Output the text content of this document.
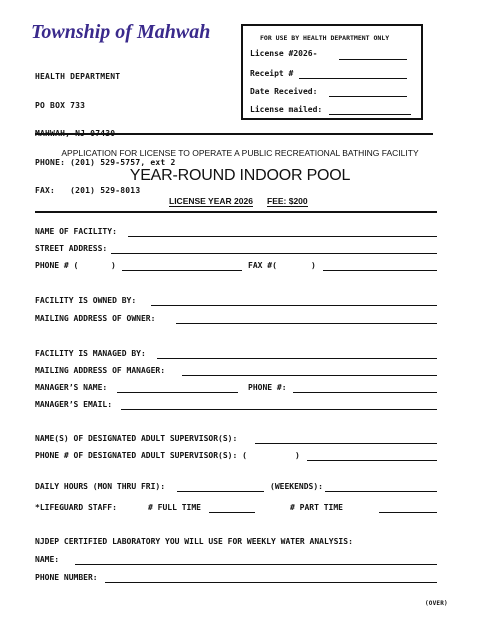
Township of Mahwah

HEALTH DEPARTMENT

PO BOX 733

PHONE: (201) 529-5757, ext 2

FAX:   (201) 529-8013

FOR USE BY HEALTH DEPARTMENT ONLY
License #2026-
Receipt #
Date Received:
License mailed:
APPLICATION FOR LICENSE TO OPERATE A PUBLIC RECREATIONAL BATHING FACILITY
YEAR-ROUND INDOOR POOL
LICENSE YEAR 2026 FEE: $200
NAME OF FACILITY:
STREET ADDRESS:
PHONE # (	)	FAX #(	)
FACILITY IS OWNED BY:
MAILING ADDRESS OF OWNER:
FACILITY IS MANAGED BY:
MAILING ADDRESS OF MANAGER:
MANAGER’S NAME:	PHONE #:
MANAGER’S EMAIL:
NAME(S) OF DESIGNATED ADULT SUPERVISOR(S):
PHONE # OF DESIGNATED ADULT SUPERVISOR(S): (	)
DAILY HOURS (MON THRU FRI):	(WEEKENDS):
*LIFEGUARD STAFF:	# FULL TIME	# PART TIME
NJDEP CERTIFIED LABORATORY YOU WILL USE FOR WEEKLY WATER ANALYSIS:
NAME:
PHONE NUMBER:
(OVER)
